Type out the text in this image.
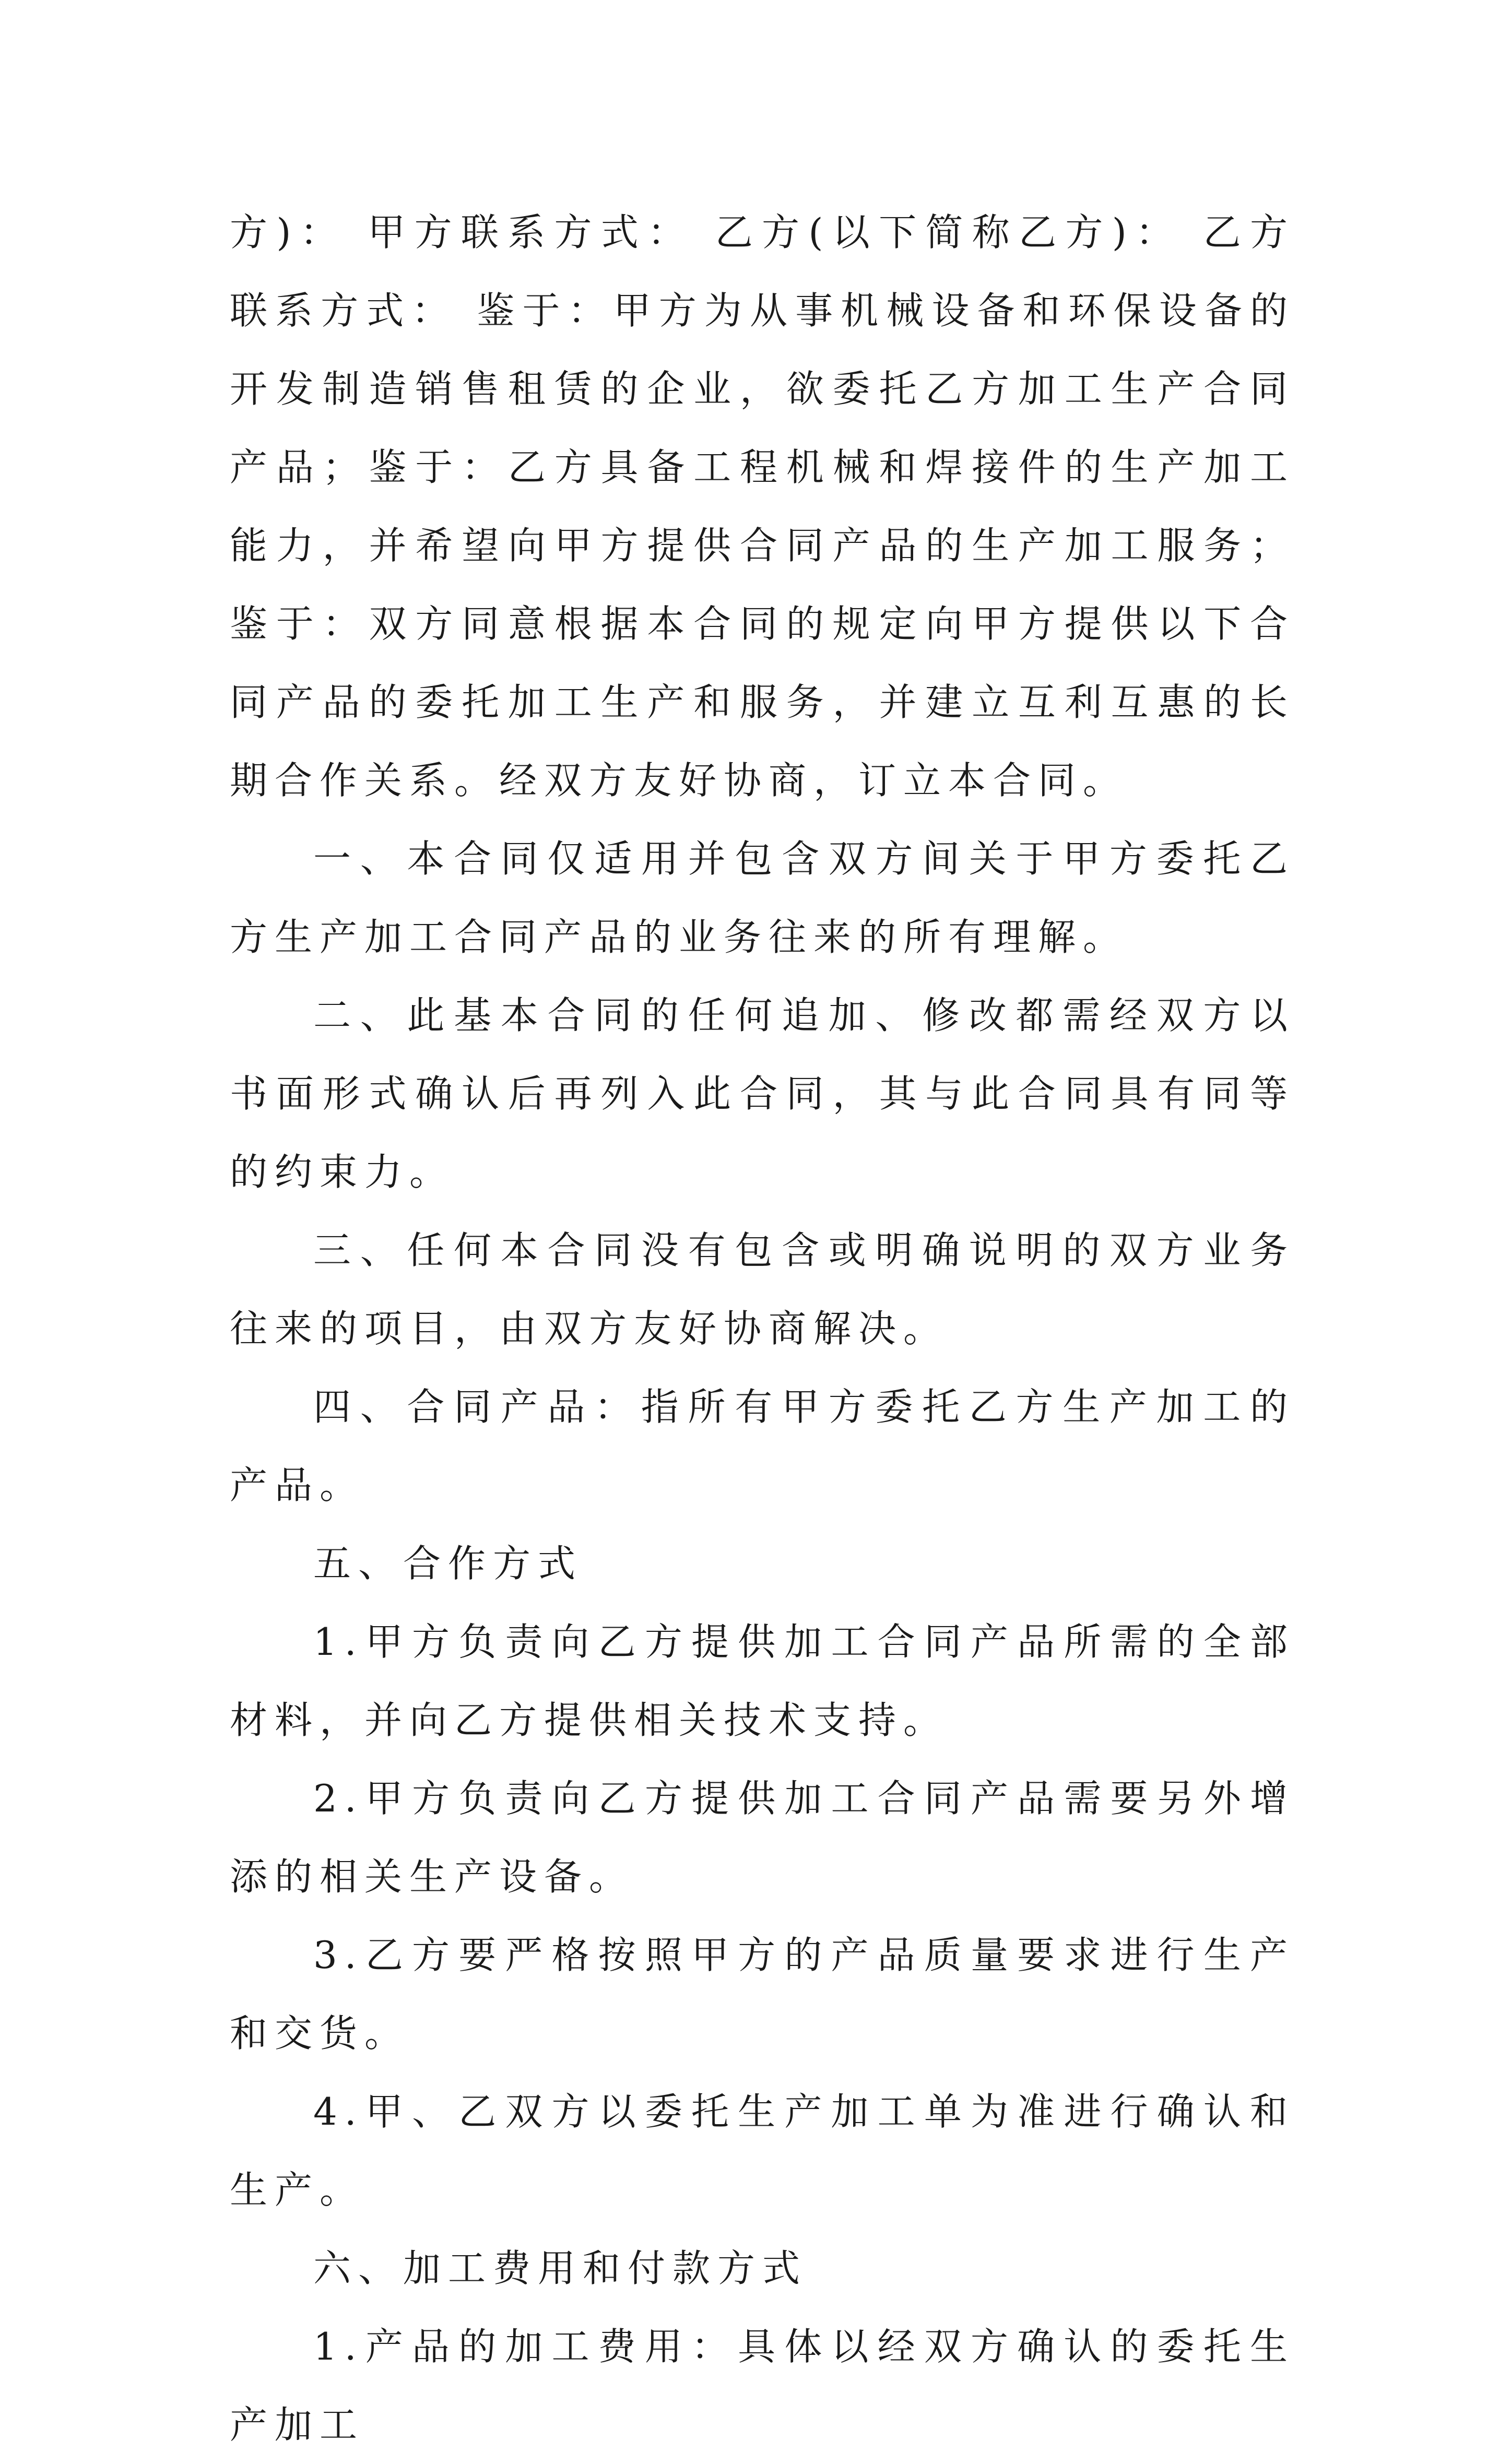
方)： 甲方联系方式： 乙方(以下简称乙方)： 乙方联系方式： 鉴于：甲方为从事机械设备和环保设备的开发制造销售租赁的企业，欲委托乙方加工生产合同产品；鉴于：乙方具备工程机械和焊接件的生产加工能力，并希望向甲方提供合同产品的生产加工服务；鉴于：双方同意根据本合同的规定向甲方提供以下合同产品的委托加工生产和服务，并建立互利互惠的长期合作关系。经双方友好协商，订立本合同。

一、本合同仅适用并包含双方间关于甲方委托乙方生产加工合同产品的业务往来的所有理解。

二、此基本合同的任何追加、修改都需经双方以书面形式确认后再列入此合同，其与此合同具有同等的约束力。

三、任何本合同没有包含或明确说明的双方业务往来的项目，由双方友好协商解决。

四、合同产品：指所有甲方委托乙方生产加工的产品。

五、合作方式

1.甲方负责向乙方提供加工合同产品所需的全部材料，并向乙方提供相关技术支持。

2.甲方负责向乙方提供加工合同产品需要另外增添的相关生产设备。

3.乙方要严格按照甲方的产品质量要求进行生产和交货。

4.甲、乙双方以委托生产加工单为准进行确认和生产。

六、加工费用和付款方式

1.产品的加工费用：具体以经双方确认的委托生产加工
